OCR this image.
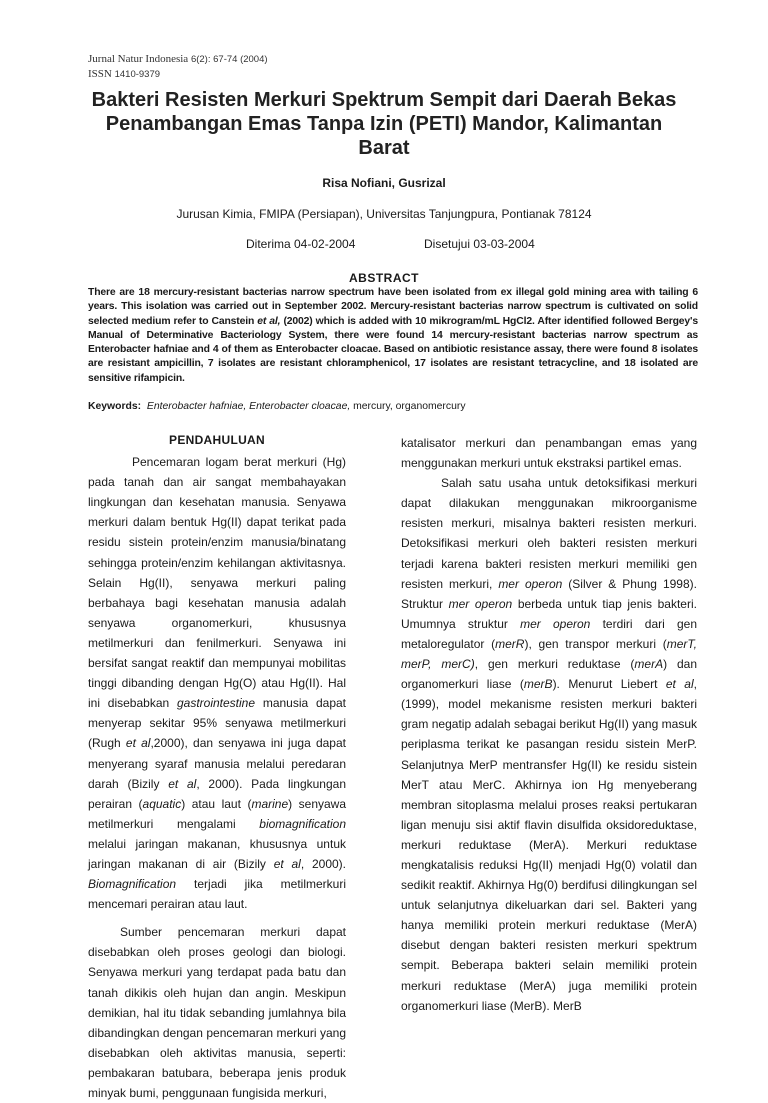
Jurnal Natur Indonesia 6(2): 67-74 (2004)
ISSN 1410-9379
Bakteri Resisten Merkuri Spektrum Sempit dari Daerah Bekas Penambangan Emas Tanpa Izin (PETI) Mandor, Kalimantan Barat
Risa Nofiani, Gusrizal
Jurusan Kimia, FMIPA (Persiapan), Universitas Tanjungpura, Pontianak 78124
Diterima 04-02-2004	Disetujui 03-03-2004
ABSTRACT
There are 18 mercury-resistant bacterias narrow spectrum have been isolated from ex illegal gold mining area with tailing 6 years. This isolation was carried out in September 2002. Mercury-resistant bacterias narrow spectrum is cultivated on solid selected medium refer to Canstein et al, (2002) which is added with 10 mikrogram/mL HgCl2. After identified followed Bergey's Manual of Determinative Bacteriology System, there were found 14 mercury-resistant bacterias narrow spectrum as Enterobacter hafniae and 4 of them as Enterobacter cloacae. Based on antibiotic resistance assay, there were found 8 isolates are resistant ampicillin, 7 isolates are resistant chloramphenicol, 17 isolates are resistant tetracycline, and 18 isolated are sensitive rifampicin.
Keywords: Enterobacter hafniae, Enterobacter cloacae, mercury, organomercury
PENDAHULUAN

Pencemaran logam berat merkuri (Hg) pada tanah dan air sangat membahayakan lingkungan dan kesehatan manusia. Senyawa merkuri dalam bentuk Hg(II) dapat terikat pada residu sistein protein/enzim manusia/binatang sehingga protein/enzim kehilangan aktivitasnya. Selain Hg(II), senyawa merkuri paling berbahaya bagi kesehatan manusia adalah senyawa organomerkuri, khususnya metilmerkuri dan fenilmerkuri. Senyawa ini bersifat sangat reaktif dan mempunyai mobilitas tinggi dibanding dengan Hg(O) atau Hg(II). Hal ini disebabkan gastrointestine manusia dapat menyerap sekitar 95% senyawa metilmerkuri (Rugh et al,2000), dan senyawa ini juga dapat menyerang syaraf manusia melalui peredaran darah (Bizily et al, 2000). Pada lingkungan perairan (aquatic) atau laut (marine) senyawa metilmerkuri mengalami biomagnification melalui jaringan makanan, khususnya untuk jaringan makanan di air (Bizily et al, 2000). Biomagnification terjadi jika metilmerkuri mencemari perairan atau laut.

Sumber pencemaran merkuri dapat disebabkan oleh proses geologi dan biologi. Senyawa merkuri yang terdapat pada batu dan tanah dikikis oleh hujan dan angin. Meskipun demikian, hal itu tidak sebanding jumlahnya bila dibandingkan dengan pencemaran merkuri yang disebabkan oleh aktivitas manusia, seperti: pembakaran batubara, beberapa jenis produk minyak bumi, penggunaan fungisida merkuri,

katalisator merkuri dan penambangan emas yang menggunakan merkuri untuk ekstraksi partikel emas.

Salah satu usaha untuk detoksifikasi merkuri dapat dilakukan menggunakan mikroorganisme resisten merkuri, misalnya bakteri resisten merkuri. Detoksifikasi merkuri oleh bakteri resisten merkuri terjadi karena bakteri resisten merkuri memiliki gen resisten merkuri, mer operon (Silver & Phung 1998). Struktur mer operon berbeda untuk tiap jenis bakteri. Umumnya struktur mer operon terdiri dari gen metaloregulator (merR), gen transpor merkuri (merT, merP, merC), gen merkuri reduktase (merA) dan organomerkuri liase (merB). Menurut Liebert et al, (1999), model mekanisme resisten merkuri bakteri gram negatip adalah sebagai berikut Hg(II) yang masuk periplasma terikat ke pasangan residu sistein MerP. Selanjutnya MerP mentransfer Hg(II) ke residu sistein MerT atau MerC. Akhirnya ion Hg menyeberang membran sitoplasma melalui proses reaksi pertukaran ligan menuju sisi aktif flavin disulfida oksidoreduktase, merkuri reduktase (MerA). Merkuri reduktase mengkatalisis reduksi Hg(II) menjadi Hg(0) volatil dan sedikit reaktif. Akhirnya Hg(0) berdifusi dilingkungan sel untuk selanjutnya dikeluarkan dari sel. Bakteri yang hanya memiliki protein merkuri reduktase (MerA) disebut dengan bakteri resisten merkuri spektrum sempit. Beberapa bakteri selain memiliki protein merkuri reduktase (MerA) juga memiliki protein organomerkuri liase (MerB). MerB
